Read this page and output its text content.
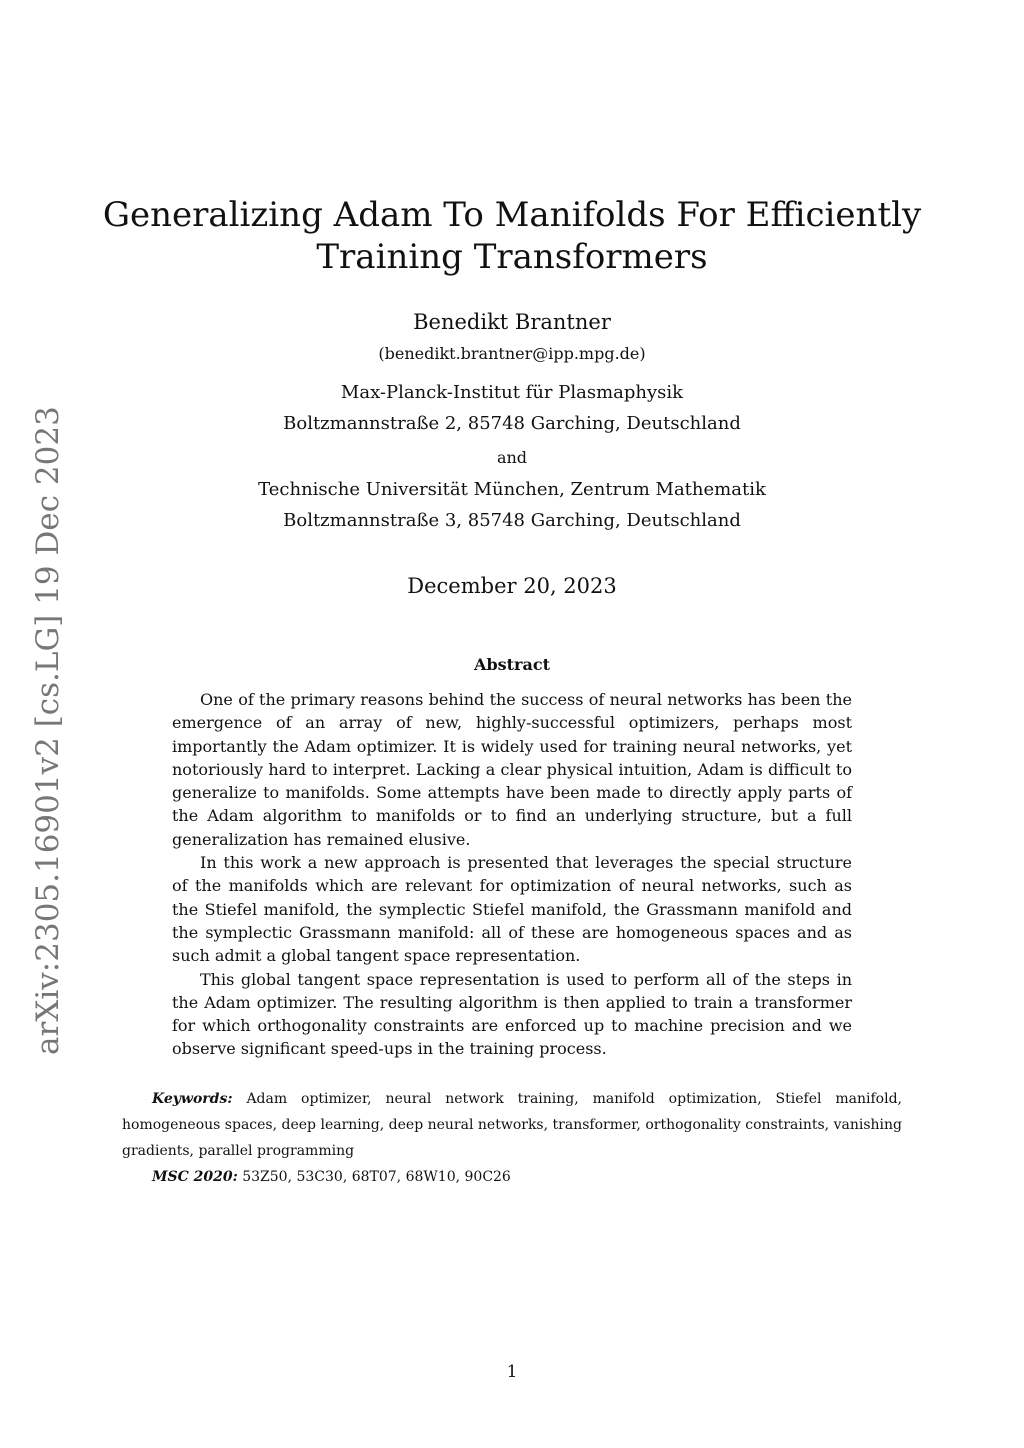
arXiv:2305.16901v2 [cs.LG] 19 Dec 2023
Generalizing Adam To Manifolds For Efficiently
Training Transformers
Benedikt Brantner
(benedikt.brantner@ipp.mpg.de)
Max-Planck-Institut für Plasmaphysik
Boltzmannstraße 2, 85748 Garching, Deutschland
and
Technische Universität München, Zentrum Mathematik
Boltzmannstraße 3, 85748 Garching, Deutschland
December 20, 2023
Abstract

One of the primary reasons behind the success of neural networks has been the emergence of an array of new, highly-successful optimizers, perhaps most importantly the Adam optimizer. It is widely used for training neural networks, yet notoriously hard to interpret. Lacking a clear physical intuition, Adam is difficult to generalize to manifolds. Some attempts have been made to directly apply parts of the Adam algorithm to manifolds or to find an underlying structure, but a full generalization has remained elusive.

In this work a new approach is presented that leverages the special structure of the manifolds which are relevant for optimization of neural networks, such as the Stiefel manifold, the symplectic Stiefel manifold, the Grassmann manifold and the symplectic Grassmann manifold: all of these are homogeneous spaces and as such admit a global tangent space representation.

This global tangent space representation is used to perform all of the steps in the Adam optimizer. The resulting algorithm is then applied to train a transformer for which orthogonality constraints are enforced up to machine precision and we observe significant speed-ups in the training process.

Keywords: Adam optimizer, neural network training, manifold optimization, Stiefel manifold, homogeneous spaces, deep learning, deep neural networks, transformer, orthogonality constraints, vanishing gradients, parallel programming

MSC 2020: 53Z50, 53C30, 68T07, 68W10, 90C26

1
